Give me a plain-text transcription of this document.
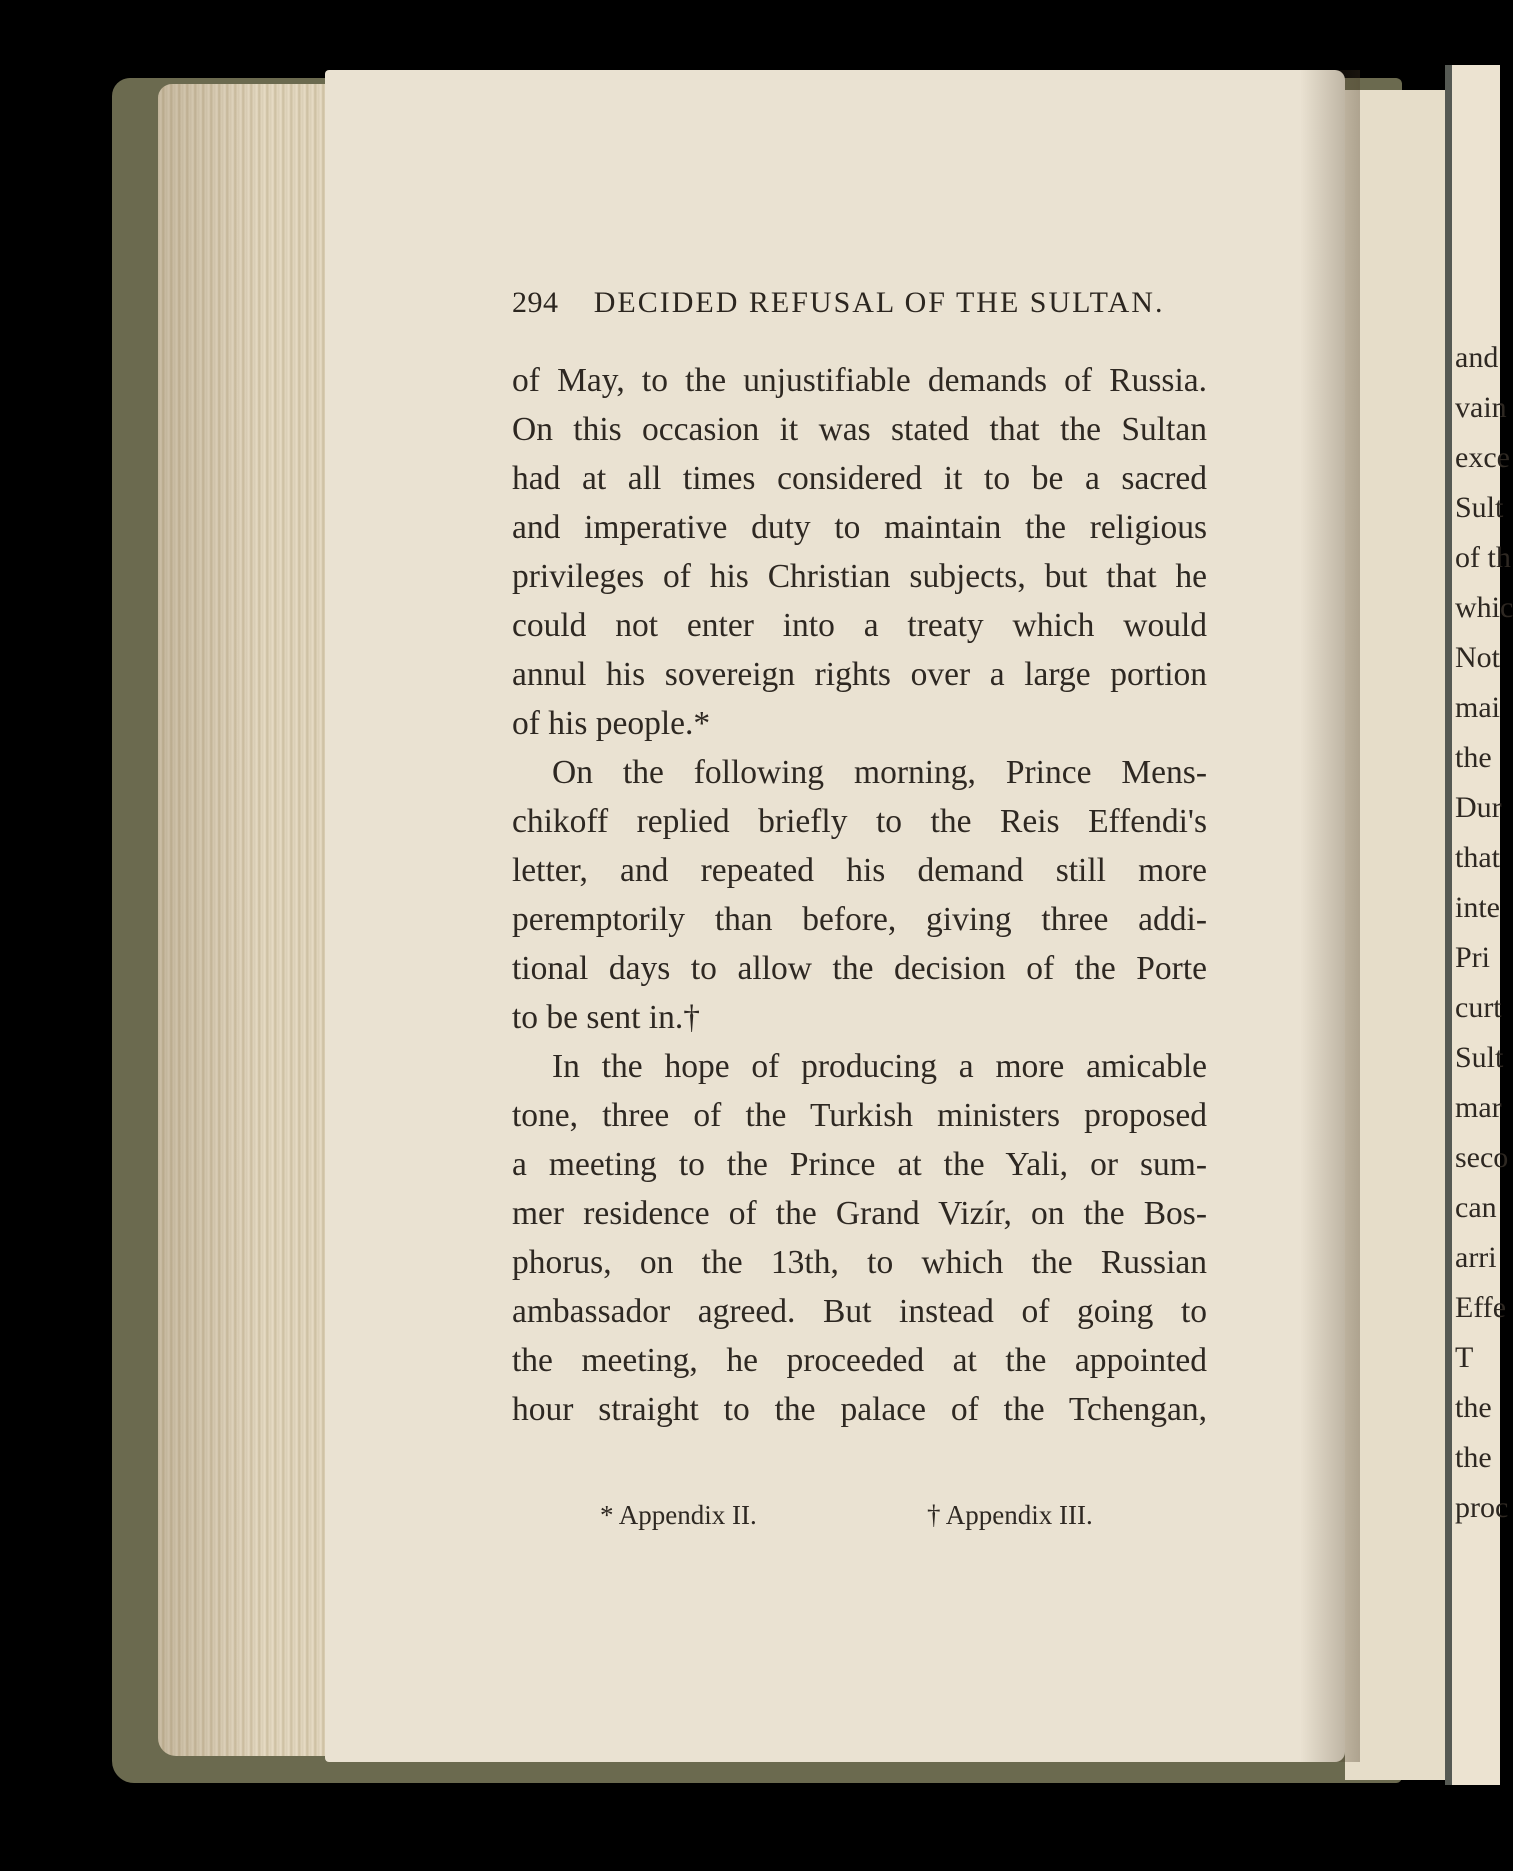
294 DECIDED REFUSAL OF THE SULTAN.
of May, to the unjustifiable demands of Russia.
On this occasion it was stated that the Sultan
had at all times considered it to be a sacred
and imperative duty to maintain the religious
privileges of his Christian subjects, but that he
could not enter into a treaty which would
annul his sovereign rights over a large portion
of his people.*
On the following morning, Prince Mens-
chikoff replied briefly to the Reis Effendi's
letter, and repeated his demand still more
peremptorily than before, giving three addi-
tional days to allow the decision of the Porte
to be sent in.†
In the hope of producing a more amicable
tone, three of the Turkish ministers proposed
a meeting to the Prince at the Yali, or sum-
mer residence of the Grand Vizír, on the Bos-
phorus, on the 13th, to which the Russian
ambassador agreed. But instead of going to
the meeting, he proceeded at the appointed
hour straight to the palace of the Tchengan,
* Appendix II.	† Appendix III.
and
vain
exce
Sult
of th
whic
Not
mai
the
Dur
that
inte
Pri
curt
Sult
mar
seco
can
arri
Effe
T
the
the
proc
